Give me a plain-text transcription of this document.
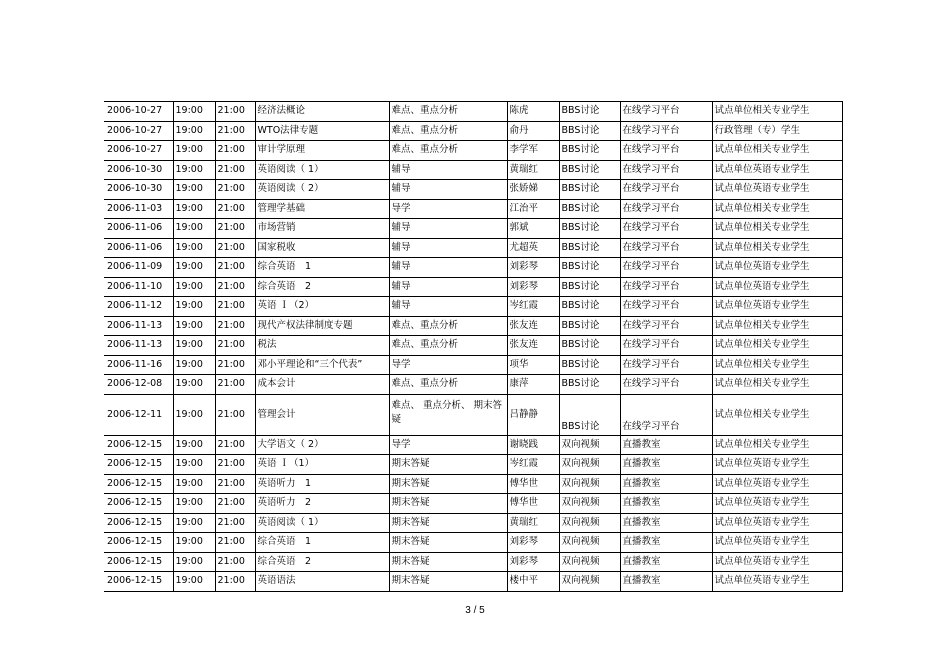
2006-10-27	19:00	21:00	经济法概论	难点、重点分析	陈虎	BBS讨论	在线学习平台	试点单位相关专业学生
2006-10-27	19:00	21:00	WTO法律专题	难点、重点分析	俞丹	BBS讨论	在线学习平台	行政管理（专）学生
2006-10-27	19:00	21:00	审计学原理	难点、重点分析	李学军	BBS讨论	在线学习平台	试点单位相关专业学生
2006-10-30	19:00	21:00	英语阅读（ 1）	辅导	黄瑞红	BBS讨论	在线学习平台	试点单位英语专业学生
2006-10-30	19:00	21:00	英语阅读（ 2）	辅导	张娇娣	BBS讨论	在线学习平台	试点单位英语专业学生
2006-11-03	19:00	21:00	管理学基础	导学	江治平	BBS讨论	在线学习平台	试点单位相关专业学生
2006-11-06	19:00	21:00	市场营销	辅导	郭斌	BBS讨论	在线学习平台	试点单位相关专业学生
2006-11-06	19:00	21:00	国家税收	辅导	尤超英	BBS讨论	在线学习平台	试点单位相关专业学生
2006-11-09	19:00	21:00	综合英语　1	辅导	刘彩琴	BBS讨论	在线学习平台	试点单位英语专业学生
2006-11-10	19:00	21:00	综合英语　2	辅导	刘彩琴	BBS讨论	在线学习平台	试点单位英语专业学生
2006-11-12	19:00	21:00	英语 Ｉ（2）	辅导	岑红霞	BBS讨论	在线学习平台	试点单位英语专业学生
2006-11-13	19:00	21:00	现代产权法律制度专题	难点、重点分析	张友连	BBS讨论	在线学习平台	试点单位相关专业学生
2006-11-13	19:00	21:00	税法	难点、重点分析	张友连	BBS讨论	在线学习平台	试点单位相关专业学生
2006-11-16	19:00	21:00	邓小平理论和“三个代表”	导学	项华	BBS讨论	在线学习平台	试点单位相关专业学生
2006-12-08	19:00	21:00	成本会计	难点、重点分析	康萍	BBS讨论	在线学习平台	试点单位相关专业学生
2006-12-11	19:00	21:00	管理会计	难点、 重点分析、 期末答疑	吕静静	BBS讨论	在线学习平台	试点单位相关专业学生
2006-12-15	19:00	21:00	大学语文（ 2）	导学	谢晓践	双向视频	直播教室	试点单位相关专业学生
2006-12-15	19:00	21:00	英语 Ｉ（1）	期末答疑	岑红霞	双向视频	直播教室	试点单位英语专业学生
2006-12-15	19:00	21:00	英语听力　1	期末答疑	傅华世	双向视频	直播教室	试点单位英语专业学生
2006-12-15	19:00	21:00	英语听力　2	期末答疑	傅华世	双向视频	直播教室	试点单位英语专业学生
2006-12-15	19:00	21:00	英语阅读（ 1）	期末答疑	黄瑞红	双向视频	直播教室	试点单位英语专业学生
2006-12-15	19:00	21:00	综合英语　1	期末答疑	刘彩琴	双向视频	直播教室	试点单位英语专业学生
2006-12-15	19:00	21:00	综合英语　2	期末答疑	刘彩琴	双向视频	直播教室	试点单位英语专业学生
2006-12-15	19:00	21:00	英语语法	期末答疑	楼中平	双向视频	直播教室	试点单位英语专业学生
3 / 5
